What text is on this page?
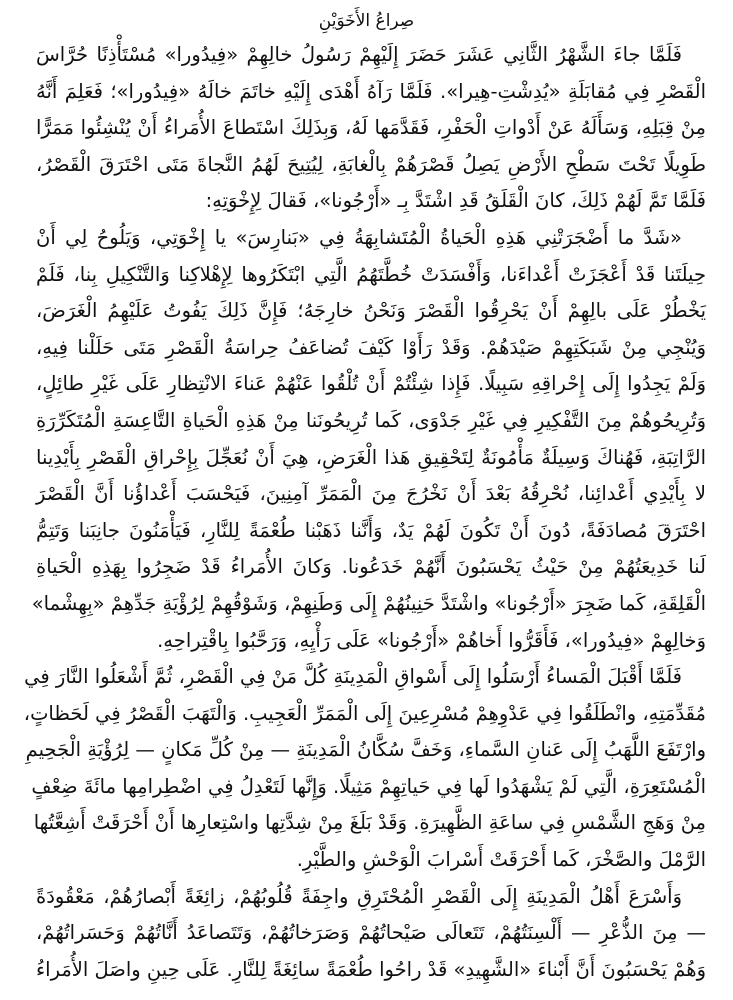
صِراعُ الأَخَوَيْنِ
فَلَمَّا جاءَ الشَّهْرُ الثَّانِي عَشَرَ حَضَرَ إِلَيْهِمْ رَسُولُ خالِهِمْ «فِيدُورا» مُسْتَأْذِنًا حُرَّاسَ
الْقَصْرِ فِي مُقابَلَةِ «يُدِشْتِ-هِيرا». فَلَمَّا رَآهُ أَهْدَى إِلَيْهِ خاتَمَ خالَهُ «فِيدُورا»؛ فَعَلِمَ أَنَّهُ
مِنْ قِبَلِهِ، وَسَأَلَهُ عَنْ أَدْواتِ الْحَفْرِ، فَقَدَّمَها لَهُ، وَبِذَلِكَ اسْتَطاعَ الأُمَراءُ أَنْ يُنْشِئُوا مَمَرًّا
طَوِيلًا تَحْتَ سَطْحِ الأَرْضِ يَصِلُ قَصْرَهُمْ بِالْغابَةِ، لِيُتِيحَ لَهُمُ النَّجاةَ مَتَى احْتَرَقَ الْقَصْرُ،
فَلَمَّا تَمَّ لَهُمْ ذَلِكَ، كانَ الْقَلَقُ قَدِ اشْتَدَّ بِـ «أَرْجُونا»، فَقالَ لِإِخْوَتِهِ:
«شَدَّ ما أَضْجَرَتْنِي هَذِهِ الْحَياةُ الْمُتَشابِهَةُ فِي «بَنارِسَ» يا إِخْوَتِي، وَيَلُوحُ لِي أَنْ
حِيلَتَنا قَدْ أَعْجَزَتْ أَعْداءَنا، وَأَفْسَدَتْ خُطَّتَهُمُ الَّتِي ابْتَكَرُوها لِإِهْلاكِنا وَالتَّنْكِيلِ بِنا، فَلَمْ
يَخْطُرْ عَلَى بالِهِمْ أَنْ يَحْرِقُوا الْقَصْرَ وَنَحْنُ خارِجَهُ؛ فَإِنَّ ذَلِكَ يَفُوتُ عَلَيْهِمُ الْغَرَضَ،
وَيُنْجِي مِنْ شَبَكَتِهِمْ صَيْدَهُمْ. وَقَدْ رَأَوْا كَيْفَ تُضاعَفُ حِراسَةُ الْقَصْرِ مَتَى حَلَلْنا فِيهِ،
وَلَمْ يَجِدُوا إِلَى إِحْراقِهِ سَبِيلًا. فَإِذا شِئْتُمْ أَنْ تُلْقُوا عَنْهُمْ عَناءَ الانْتِظارِ عَلَى غَيْرِ طائِلٍ،
وَتُرِيحُوهُمْ مِنَ التَّفْكِيرِ فِي غَيْرِ جَدْوَى، كَما تُرِيحُونَنا مِنْ هَذِهِ الْحَياةِ التَّاعِسَةِ الْمُتَكَرِّرَةِ
الرَّاتِبَةِ، فَهُناكَ وَسِيلَةٌ مَأْمُونَةٌ لِتَحْقِيقِ هَذا الْغَرَضِ، هِيَ أَنْ نُعَجِّلَ بِإِحْراقِ الْقَصْرِ بِأَيْدِينا
لا بِأَيْدِي أَعْدائِنا، نُحْرِقُهُ بَعْدَ أَنْ نَخْرُجَ مِنَ الْمَمَرِّ آمِنِينَ، فَيَحْسَبَ أَعْداؤُنا أَنَّ الْقَصْرَ
احْتَرَقَ مُصادَفَةً، دُونَ أَنْ تَكُونَ لَهُمْ يَدٌ، وَأَنَّنا ذَهَبْنا طُعْمَةً لِلنَّارِ، فَيَأْمَنُونَ جانِبَنا وَتَتِمُّ
لَنا خَدِيعَتُهُمْ مِنْ حَيْثُ يَحْسَبُونَ أَنَّهُمْ خَدَعُونا. وَكانَ الأُمَراءُ قَدْ ضَجِرُوا بِهَذِهِ الْحَياةِ
الْقَلِقَةِ، كَما ضَجِرَ «أَرْجُونا» واشْتَدَّ حَنِينُهُمْ إِلَى وَطَنِهِمْ، وَشَوْقُهِمْ لِرُؤْيَةِ جَدِّهِمْ «بِهِشْما»
وَخالِهِمْ «فِيدُورا»، فَأَقَرُّوا أَخاهُمْ «أَرْجُونا» عَلَى رَأْيِهِ، وَرَحَّبُوا بِاقْتِراحِهِ.
فَلَمَّا أَقْبَلَ الْمَساءُ أَرْسَلُوا إِلَى أَسْواقِ الْمَدِينَةِ كُلَّ مَنْ فِي الْقَصْرِ، ثُمَّ أَشْعَلُوا النَّارَ فِي
مُقَدِّمَتِهِ، وانْطَلَقُوا فِي عَدْوِهِمْ مُسْرِعِينَ إِلَى الْمَمَرِّ الْعَجِيبِ. وَالْتَهَبَ الْقَصْرُ فِي لَحَظاتٍ،
وارْتَفَعَ اللَّهَبُ إِلَى عَنانِ السَّماءِ، وَخَفَّ سُكَّانُ الْمَدِينَةِ — مِنْ كُلِّ مَكانٍ — لِرُؤْيَةِ الْجَحِيمِ
الْمُسْتَعِرَةِ، الَّتِي لَمْ يَشْهَدُوا لَها فِي حَياتِهِمْ مَثِيلًا. وَإِنَّها لَتَعْدِلُ فِي اضْطِرامِها مائَةَ ضِعْفٍ
مِنْ وَهَجِ الشَّمْسِ فِي ساعَةِ الظَّهِيرَةِ. وَقَدْ بَلَغَ مِنْ شِدَّتِها واسْتِعارِها أَنْ أَحْرَقَتْ أَشِعَّتُها
الرَّمْلَ والصَّخْرَ، كَما أَحْرَقَتْ أَسْرابَ الْوَحْشِ والطَّيْرِ.
وَأَسْرَعَ أَهْلُ الْمَدِينَةِ إِلَى الْقَصْرِ الْمُحْتَرِقِ واجِفَةً قُلُوبُهُمْ، زائِغَةً أَبْصارُهُمْ، مَعْقُودَةً
— مِنَ الذُّعْرِ — أَلْسِنَتُهُمْ، تَتَعالَى صَيْحاتُهُمْ وَصَرَخاتُهُمْ، وَتَتَصاعَدُ أَنَّاتُهُمْ وَحَسَراتُهُمْ،
وَهُمْ يَحْسَبُونَ أَنَّ أَبْناءَ «الشَّهِيدِ» قَدْ راحُوا طُعْمَةً سائِغَةً لِلنَّارِ. عَلَى حِينِ واصَلَ الأُمَراءُ
